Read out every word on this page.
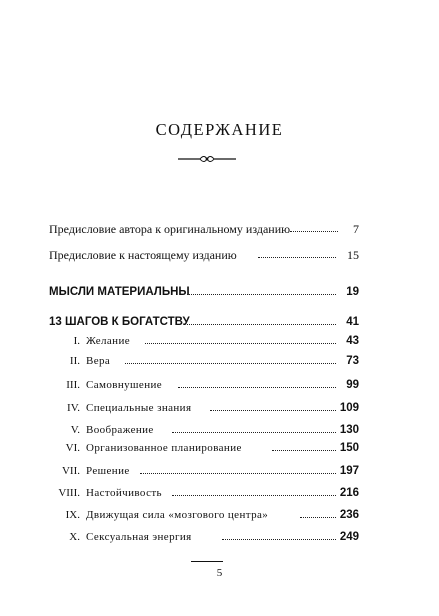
СОДЕРЖАНИЕ
Предисловие автора к оригинальному изданию	7
Предисловие к настоящему изданию	15
МЫСЛИ МАТЕРИАЛЬНЫ	19
13 ШАГОВ К БОГАТСТВУ	41
I. Желание	43
II. Вера	73
III. Самовнушение	99
IV. Специальные знания	109
V. Воображение	130
VI. Организованное планирование	150
VII. Решение	197
VIII. Настойчивость	216
IX. Движущая сила «мозгового центра»	236
X. Сексуальная энергия	249
5
